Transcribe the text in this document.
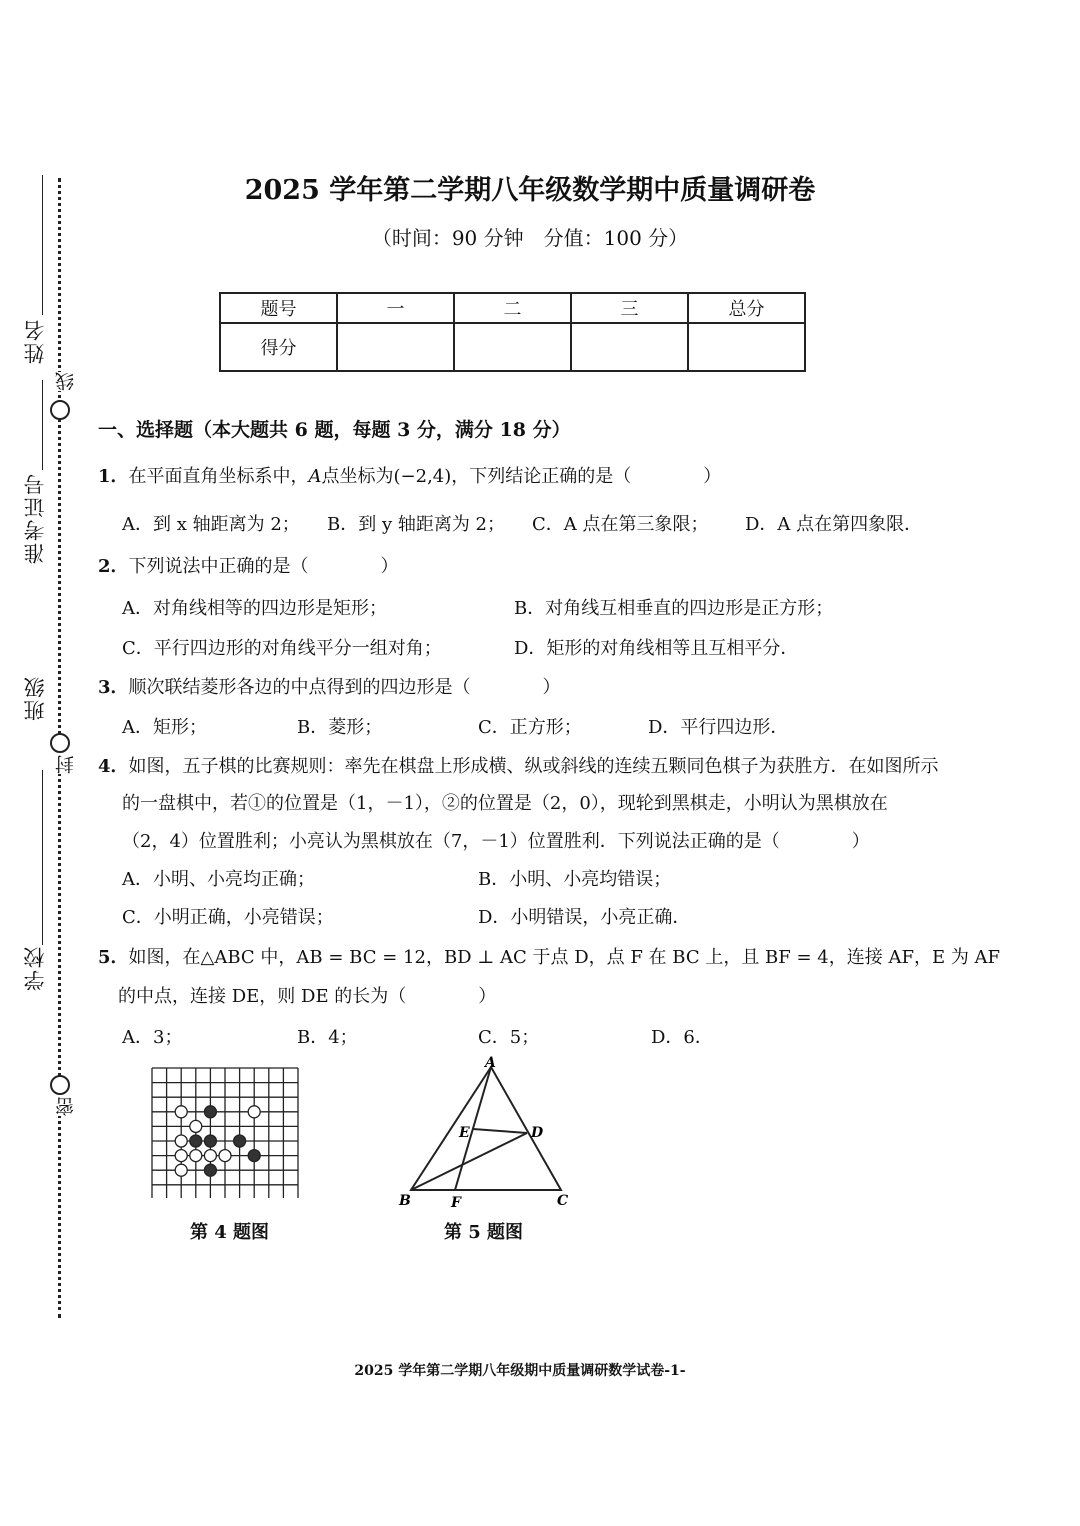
姓名
线
准考证号
班级
封
学校
密
2025 学年第二学期八年级数学期中质量调研卷
（时间：90 分钟　分值：100 分）
题号	一	二	三	总分
得分				
一、选择题（本大题共 6 题，每题 3 分，满分 18 分）
1．在平面直角坐标系中，A点坐标为(−2,4)，下列结论正确的是（　　　　）
A．到 x 轴距离为 2； B．到 y 轴距离为 2； C．A 点在第三象限； D．A 点在第四象限．
2．下列说法中正确的是（　　　　）
A．对角线相等的四边形是矩形；	B．对角线互相垂直的四边形是正方形；
C．平行四边形的对角线平分一组对角；	D．矩形的对角线相等且互相平分．
3．顺次联结菱形各边的中点得到的四边形是（　　　　）
A．矩形；	B．菱形；	C．正方形；	D．平行四边形．
4．如图，五子棋的比赛规则：率先在棋盘上形成横、纵或斜线的连续五颗同色棋子为获胜方．在如图所示
的一盘棋中，若①的位置是（1，－1），②的位置是（2，0），现轮到黑棋走，小明认为黑棋放在
（2，4）位置胜利；小亮认为黑棋放在（7，－1）位置胜利．下列说法正确的是（　　　　）
A．小明、小亮均正确；	B．小明、小亮均错误；
C．小明正确，小亮错误；	D．小明错误，小亮正确．
5．如图，在△ABC 中，AB = BC = 12，BD ⊥ AC 于点 D，点 F 在 BC 上，且 BF = 4，连接 AF，E 为 AF
的中点，连接 DE，则 DE 的长为（　　　　）
A．3；	B．4；	C．5；	D．6．
第 4 题图
A
B	C
D
E
F
第 5 题图
2025 学年第二学期八年级期中质量调研数学试卷-1-
